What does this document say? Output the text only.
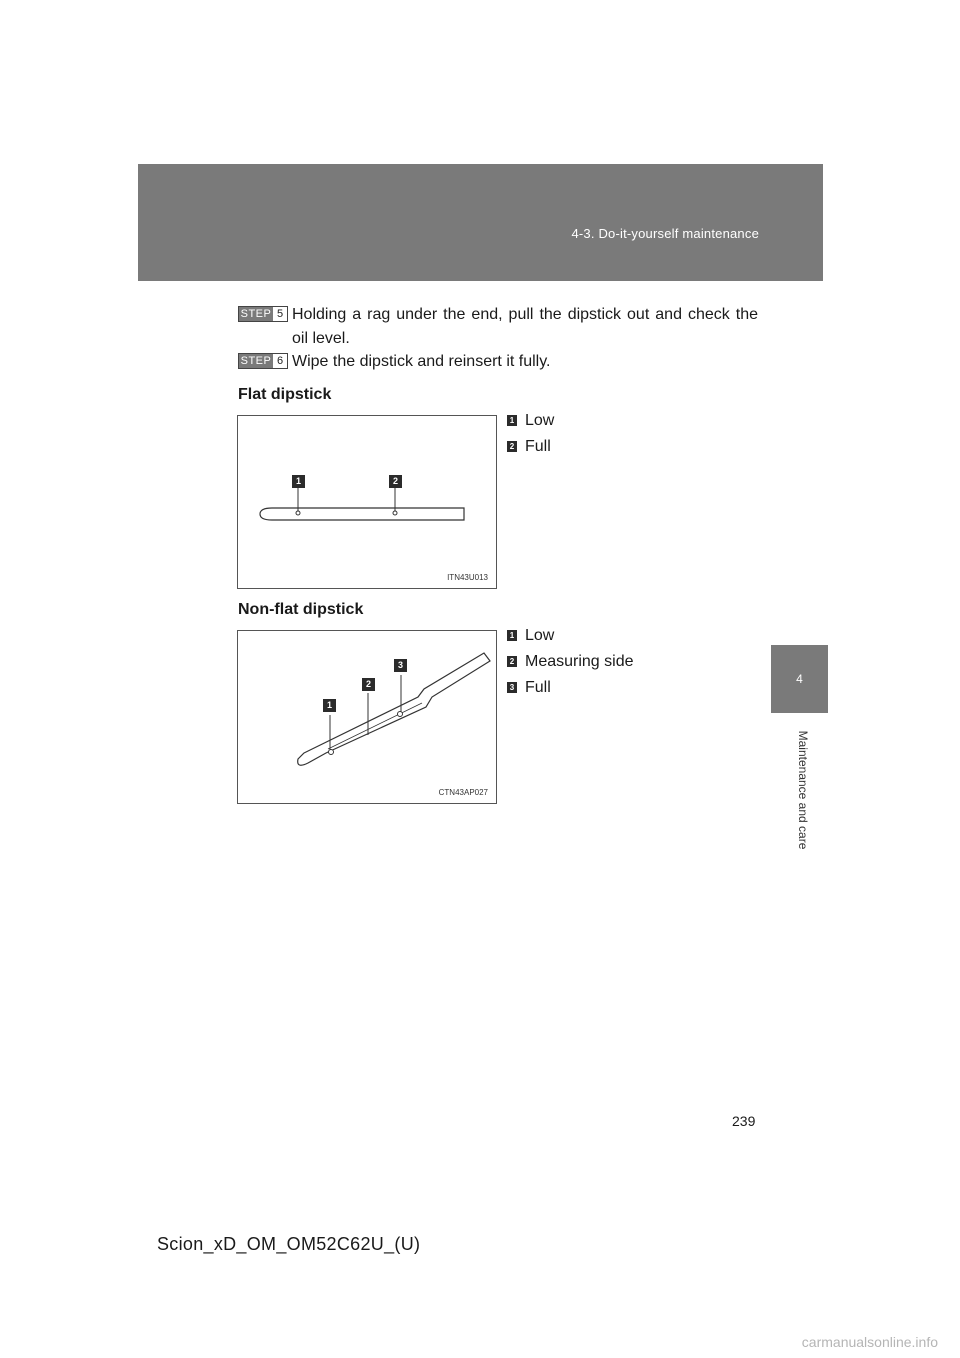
4-3. Do-it-yourself maintenance
4
Maintenance and care
STEP 5 Holding a rag under the end, pull the dipstick out and check the oil level.
STEP 6 Wipe the dipstick and reinsert it fully.
Flat dipstick
1	2
ITN43U013
1 Low
2 Full
Non-flat dipstick
1
2
3
CTN43AP027
1 Low
2 Measuring side
3 Full
239
Scion_xD_OM_OM52C62U_(U)
carmanualsonline.info
